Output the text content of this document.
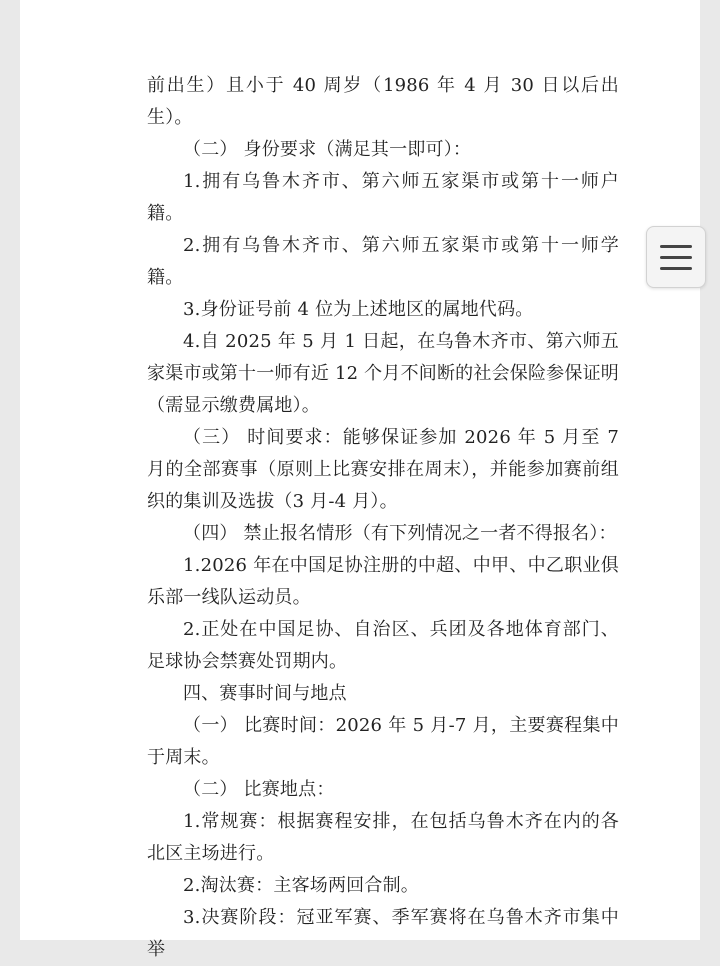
前出生）且小于 40 周岁（1986 年 4 月 30 日以后出生）。

（二） 身份要求（满足其一即可）：

1.拥有乌鲁木齐市、第六师五家渠市或第十一师户籍。

2.拥有乌鲁木齐市、第六师五家渠市或第十一师学籍。

3.身份证号前 4 位为上述地区的属地代码。

4.自 2025 年 5 月 1 日起，在乌鲁木齐市、第六师五家渠市或第十一师有近 12 个月不间断的社会保险参保证明（需显示缴费属地）。

（三） 时间要求：能够保证参加 2026 年 5 月至 7 月的全部赛事（原则上比赛安排在周末），并能参加赛前组织的集训及选拔（3 月-4 月）。

（四） 禁止报名情形（有下列情况之一者不得报名）：

1.2026 年在中国足协注册的中超、中甲、中乙职业俱乐部一线队运动员。

2.正处在中国足协、自治区、兵团及各地体育部门、足球协会禁赛处罚期内。

四、赛事时间与地点

（一） 比赛时间：2026 年 5 月-7 月，主要赛程集中于周末。

（二） 比赛地点：

1.常规赛：根据赛程安排，在包括乌鲁木齐在内的各北区主场进行。

2.淘汰赛：主客场两回合制。

3.决赛阶段：冠亚军赛、季军赛将在乌鲁木齐市集中举
